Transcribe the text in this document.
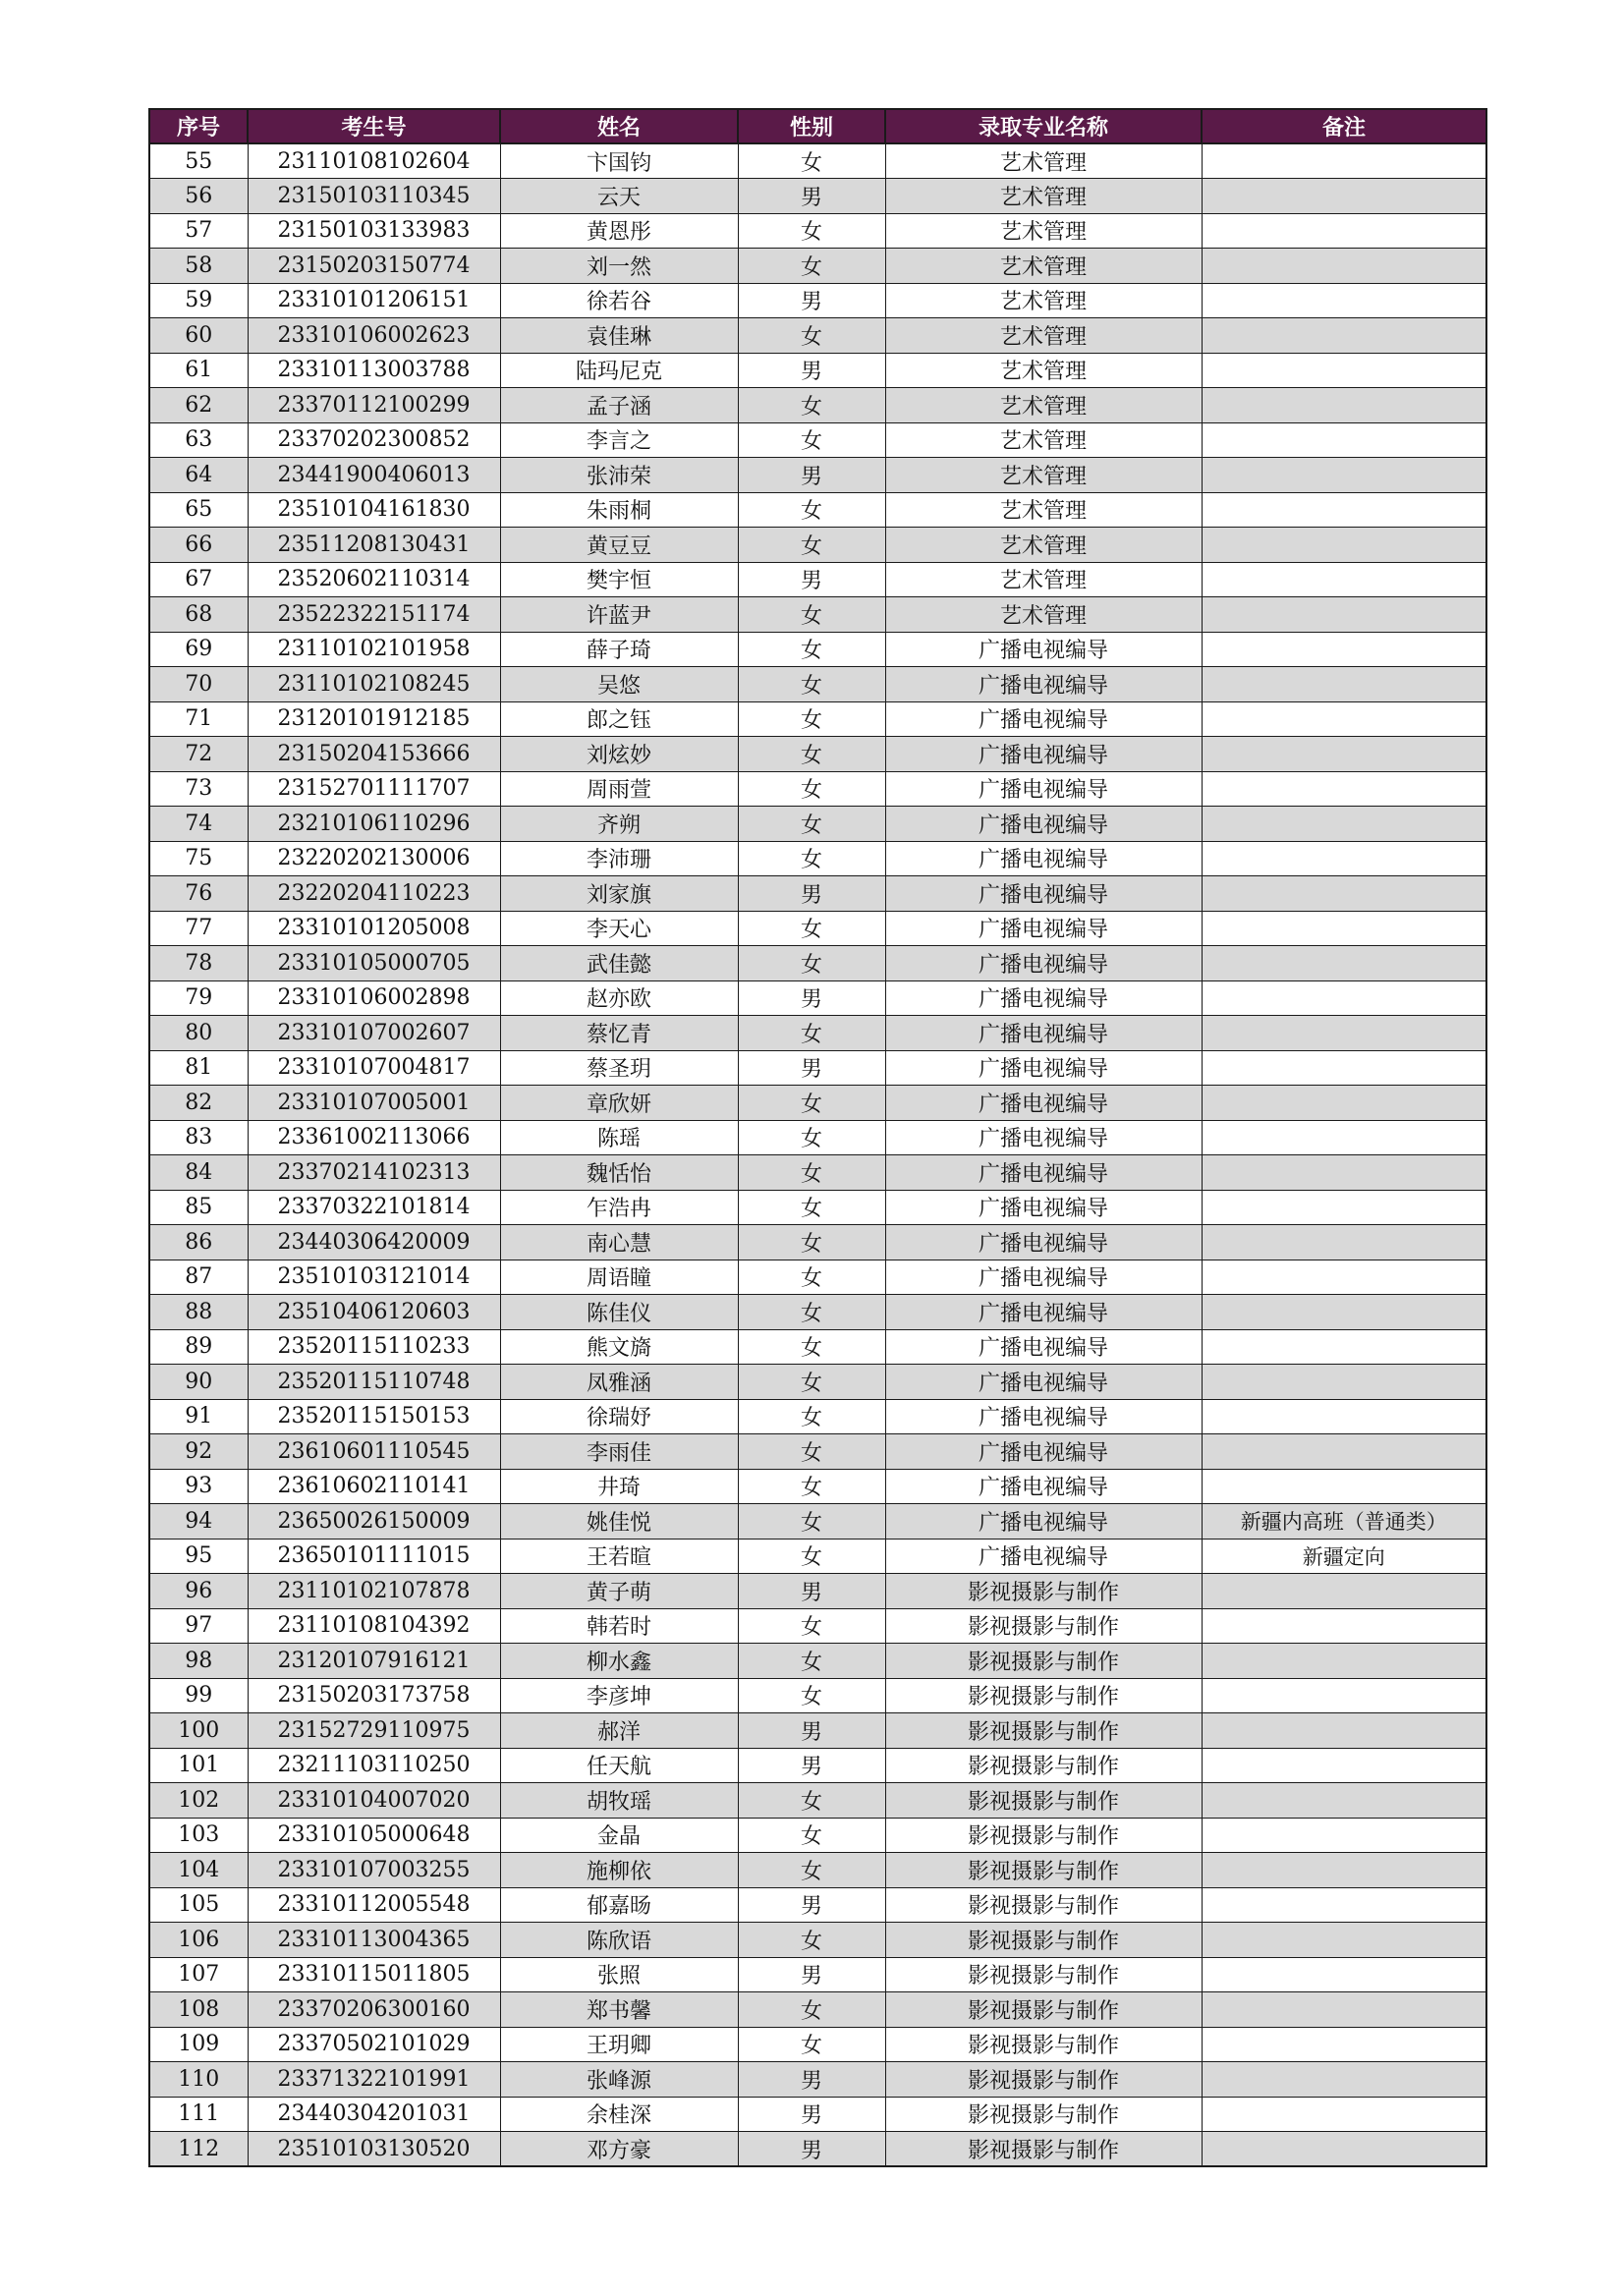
序号	考生号	姓名	性别	录取专业名称	备注
55	23110108102604	卞国钧	女	艺术管理	
56	23150103110345	云天	男	艺术管理	
57	23150103133983	黄恩彤	女	艺术管理	
58	23150203150774	刘一然	女	艺术管理	
59	23310101206151	徐若谷	男	艺术管理	
60	23310106002623	袁佳琳	女	艺术管理	
61	23310113003788	陆玛尼克	男	艺术管理	
62	23370112100299	孟子涵	女	艺术管理	
63	23370202300852	李言之	女	艺术管理	
64	23441900406013	张沛荣	男	艺术管理	
65	23510104161830	朱雨桐	女	艺术管理	
66	23511208130431	黄豆豆	女	艺术管理	
67	23520602110314	樊宇恒	男	艺术管理	
68	23522322151174	许蓝尹	女	艺术管理	
69	23110102101958	薛子琦	女	广播电视编导	
70	23110102108245	吴悠	女	广播电视编导	
71	23120101912185	郎之钰	女	广播电视编导	
72	23150204153666	刘炫妙	女	广播电视编导	
73	23152701111707	周雨萱	女	广播电视编导	
74	23210106110296	齐朔	女	广播电视编导	
75	23220202130006	李沛珊	女	广播电视编导	
76	23220204110223	刘家旗	男	广播电视编导	
77	23310101205008	李天心	女	广播电视编导	
78	23310105000705	武佳懿	女	广播电视编导	
79	23310106002898	赵亦欧	男	广播电视编导	
80	23310107002607	蔡忆青	女	广播电视编导	
81	23310107004817	蔡圣玥	男	广播电视编导	
82	23310107005001	章欣妍	女	广播电视编导	
83	23361002113066	陈瑶	女	广播电视编导	
84	23370214102313	魏恬怡	女	广播电视编导	
85	23370322101814	乍浩冉	女	广播电视编导	
86	23440306420009	南心慧	女	广播电视编导	
87	23510103121014	周语瞳	女	广播电视编导	
88	23510406120603	陈佳仪	女	广播电视编导	
89	23520115110233	熊文旖	女	广播电视编导	
90	23520115110748	凤雅涵	女	广播电视编导	
91	23520115150153	徐瑞妤	女	广播电视编导	
92	23610601110545	李雨佳	女	广播电视编导	
93	23610602110141	井琦	女	广播电视编导	
94	23650026150009	姚佳悦	女	广播电视编导	新疆内高班（普通类）
95	23650101111015	王若暄	女	广播电视编导	新疆定向
96	23110102107878	黄子萌	男	影视摄影与制作	
97	23110108104392	韩若时	女	影视摄影与制作	
98	23120107916121	柳水鑫	女	影视摄影与制作	
99	23150203173758	李彦坤	女	影视摄影与制作	
100	23152729110975	郝洋	男	影视摄影与制作	
101	23211103110250	任天航	男	影视摄影与制作	
102	23310104007020	胡牧瑶	女	影视摄影与制作	
103	23310105000648	金晶	女	影视摄影与制作	
104	23310107003255	施柳依	女	影视摄影与制作	
105	23310112005548	郁嘉旸	男	影视摄影与制作	
106	23310113004365	陈欣语	女	影视摄影与制作	
107	23310115011805	张照	男	影视摄影与制作	
108	23370206300160	郑书馨	女	影视摄影与制作	
109	23370502101029	王玥卿	女	影视摄影与制作	
110	23371322101991	张峰源	男	影视摄影与制作	
111	23440304201031	余桂深	男	影视摄影与制作	
112	23510103130520	邓方豪	男	影视摄影与制作	
